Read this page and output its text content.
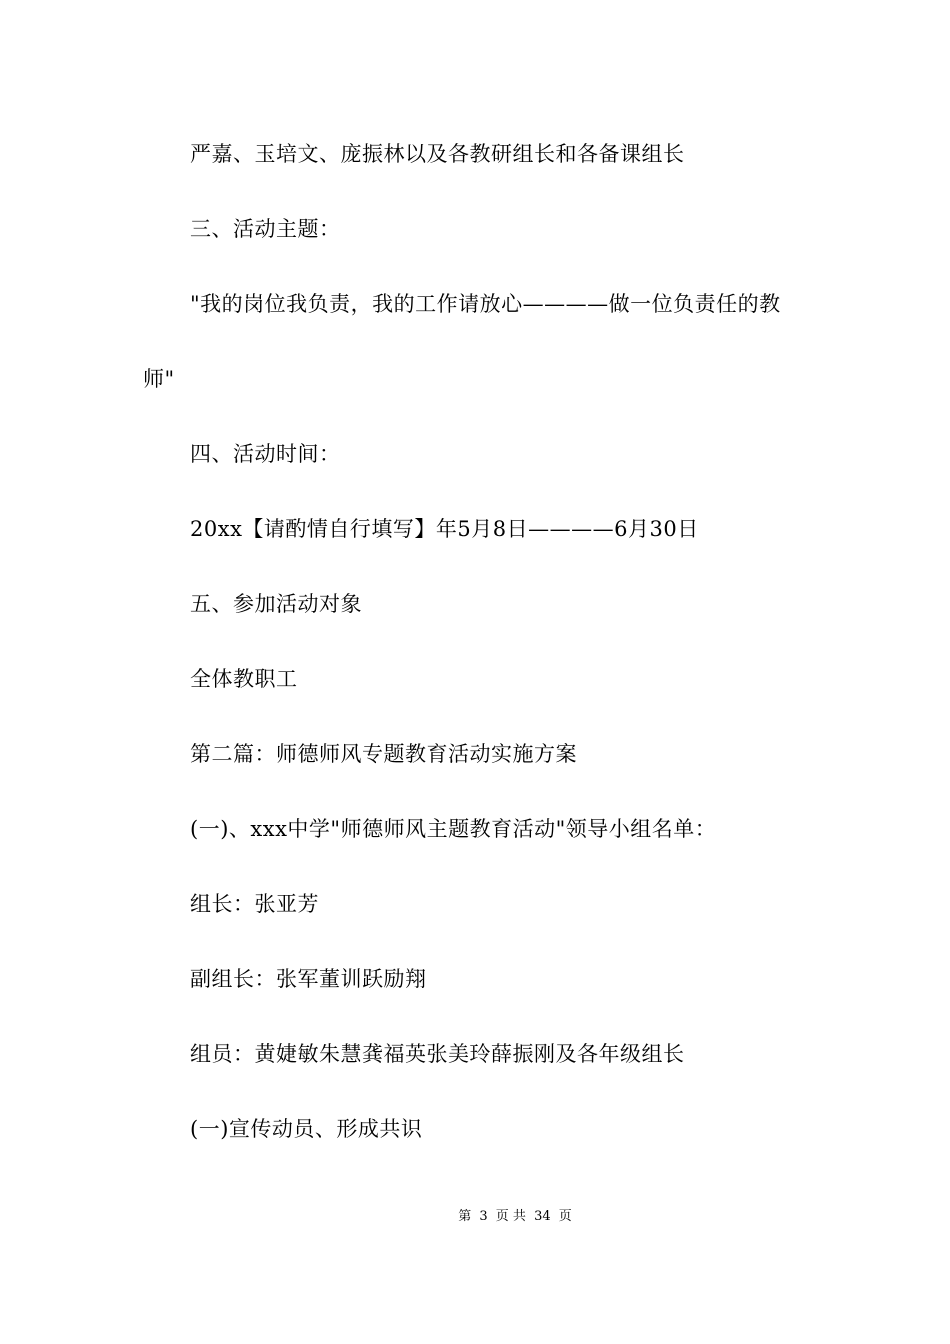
严嘉、玉培文、庞振林以及各教研组长和各备课组长
三、活动主题：
"我的岗位我负责，我的工作请放心————做一位负责任的教
师"
四、活动时间：
20xx【请酌情自行填写】年5月8日————6月30日
五、参加活动对象
全体教职工
第二篇：师德师风专题教育活动实施方案
(一)、xxx中学"师德师风主题教育活动"领导小组名单：
组长：张亚芳
副组长：张军董训跃励翔
组员：黄婕敏朱慧龚福英张美玲薛振刚及各年级组长
(一)宣传动员、形成共识
第 3 页 共 34 页
